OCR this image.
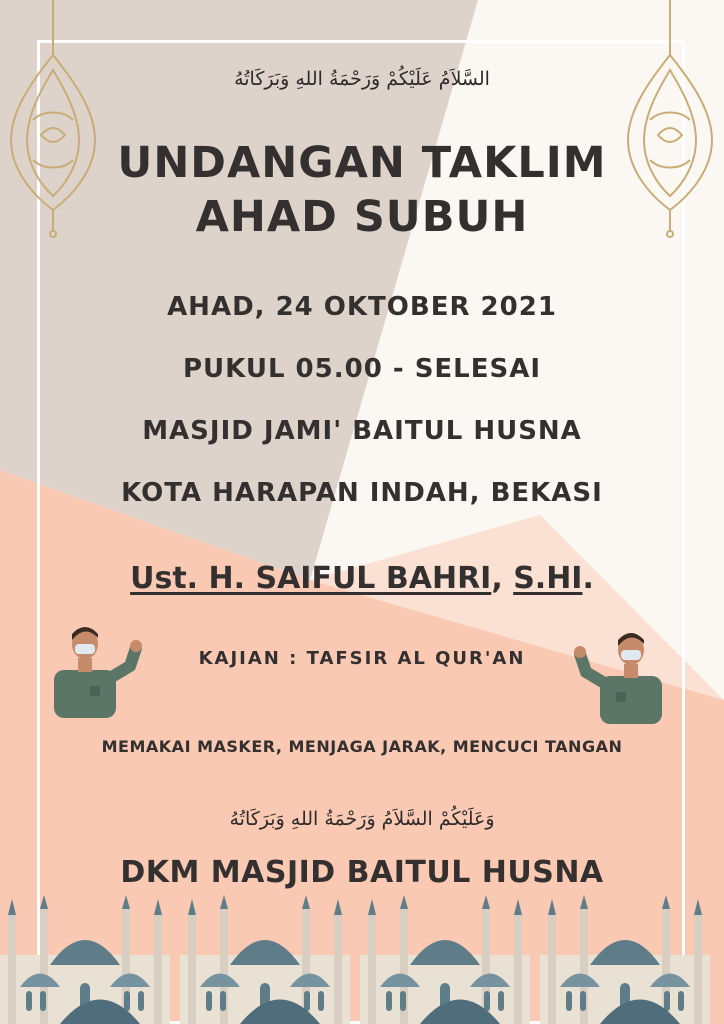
السَّلاَمُ عَلَيْكُمْ وَرَحْمَةُ اللهِ وَبَرَكَاتُهُ
UNDANGAN TAKLIM
AHAD SUBUH
AHAD, 24 OKTOBER 2021
PUKUL 05.00 - SELESAI
MASJID JAMI' BAITUL HUSNA
KOTA HARAPAN INDAH, BEKASI
Ust. H. SAIFUL BAHRI, S.HI.
KAJIAN : TAFSIR AL QUR'AN
MEMAKAI MASKER, MENJAGA JARAK, MENCUCI TANGAN
وَعَلَيْكُمْ السَّلاَمُ وَرَحْمَةُ اللهِ وَبَرَكَاتُهُ
DKM MASJID BAITUL HUSNA
